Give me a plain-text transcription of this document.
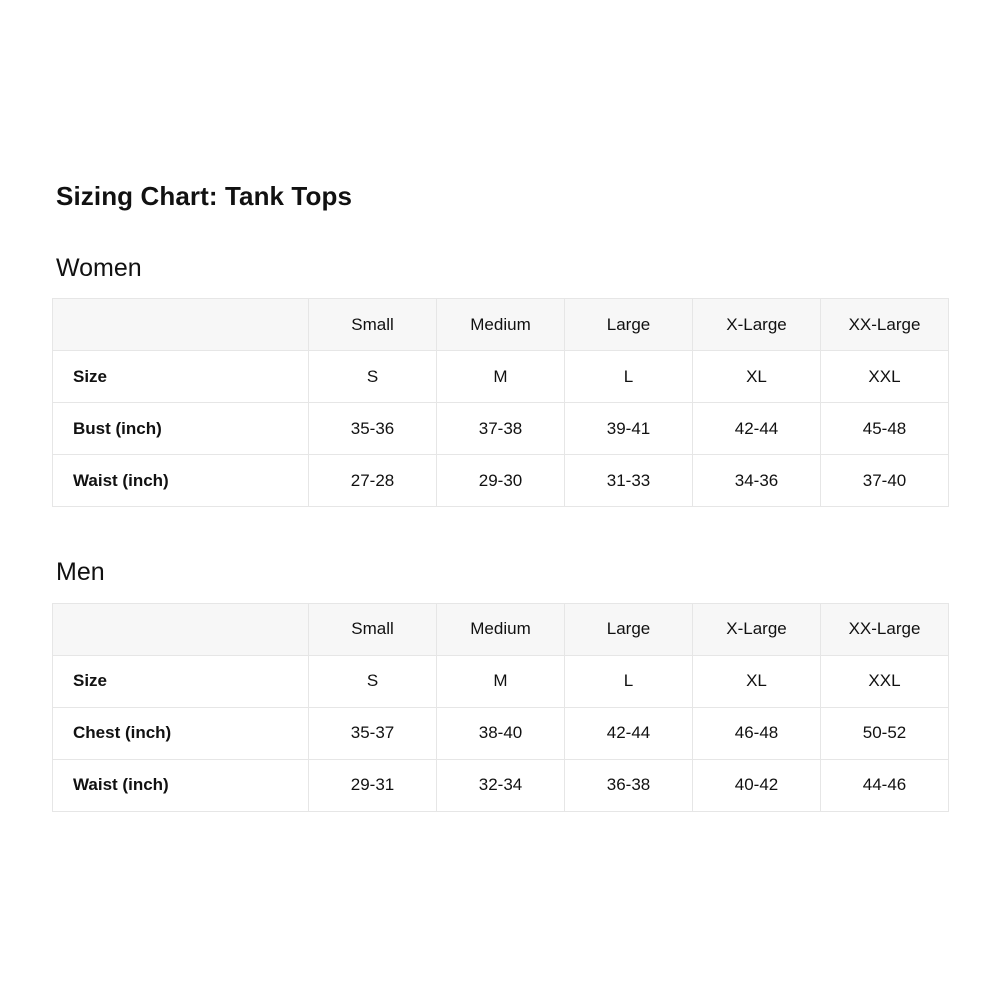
Sizing Chart: Tank Tops
Women
	Small	Medium	Large	X-Large	XX-Large
Size	S	M	L	XL	XXL
Bust (inch)	35-36	37-38	39-41	42-44	45-48
Waist (inch)	27-28	29-30	31-33	34-36	37-40
Men
	Small	Medium	Large	X-Large	XX-Large
Size	S	M	L	XL	XXL
Chest (inch)	35-37	38-40	42-44	46-48	50-52
Waist (inch)	29-31	32-34	36-38	40-42	44-46
